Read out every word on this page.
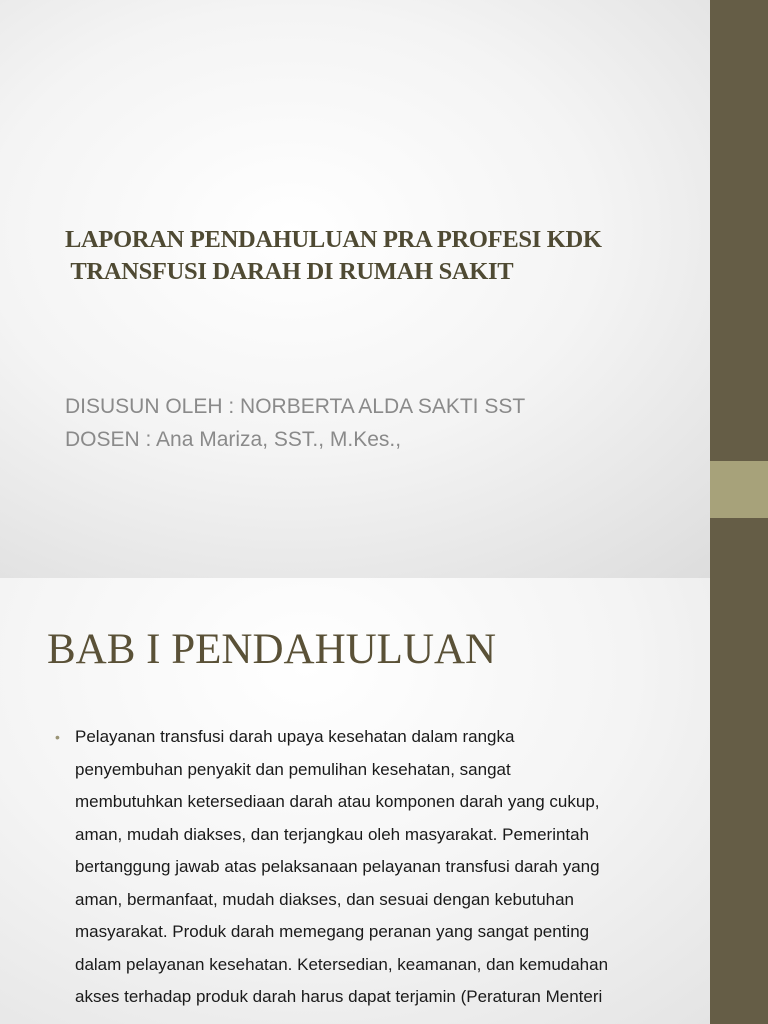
LAPORAN PENDAHULUAN PRA PROFESI KDK
TRANSFUSI DARAH DI RUMAH SAKIT
DISUSUN OLEH : NORBERTA ALDA SAKTI SST
DOSEN : Ana Mariza, SST., M.Kes.,
BAB I PENDAHULUAN
• Pelayanan transfusi darah upaya kesehatan dalam rangka
penyembuhan penyakit dan pemulihan kesehatan, sangat
membutuhkan ketersediaan darah atau komponen darah yang cukup,
aman, mudah diakses, dan terjangkau oleh masyarakat. Pemerintah
bertanggung jawab atas pelaksanaan pelayanan transfusi darah yang
aman, bermanfaat, mudah diakses, dan sesuai dengan kebutuhan
masyarakat. Produk darah memegang peranan yang sangat penting
dalam pelayanan kesehatan. Ketersedian, keamanan, dan kemudahan
akses terhadap produk darah harus dapat terjamin (Peraturan Menteri
